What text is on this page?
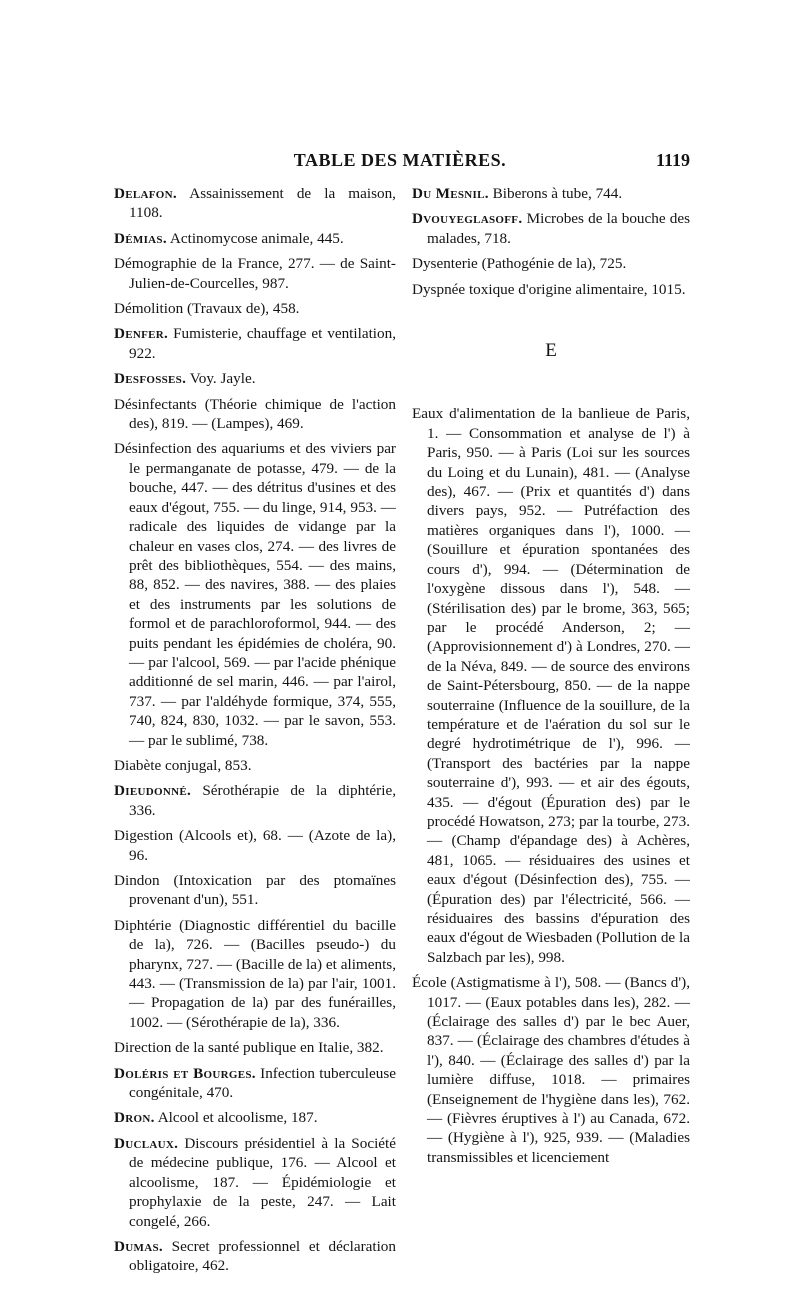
TABLE DES MATIÈRES.	1119

Delafon. Assainissement de la maison, 1108.

Démias. Actinomycose animale, 445.

Démographie de la France, 277. — de Saint-Julien-de-Courcelles, 987.

Démolition (Travaux de), 458.

Denfer. Fumisterie, chauffage et ventilation, 922.

Desfosses. Voy. Jayle.

Désinfectants (Théorie chimique de l'action des), 819. — (Lampes), 469.

Désinfection des aquariums et des viviers par le permanganate de potasse, 479. — de la bouche, 447. — des détritus d'usines et des eaux d'égout, 755. — du linge, 914, 953. — radicale des liquides de vidange par la chaleur en vases clos, 274. — des livres de prêt des bibliothèques, 554. — des mains, 88, 852. — des navires, 388. — des plaies et des instruments par les solutions de formol et de parachloroformol, 944. — des puits pendant les épidémies de choléra, 90. — par l'alcool, 569. — par l'acide phénique additionné de sel marin, 446. — par l'airol, 737. — par l'aldéhyde formique, 374, 555, 740, 824, 830, 1032. — par le savon, 553. — par le sublimé, 738.

Diabète conjugal, 853.

Dieudonné. Sérothérapie de la diphtérie, 336.

Digestion (Alcools et), 68. — (Azote de la), 96.

Dindon (Intoxication par des ptomaïnes provenant d'un), 551.

Diphtérie (Diagnostic différentiel du bacille de la), 726. — (Bacilles pseudo-) du pharynx, 727. — (Bacille de la) et aliments, 443. — (Transmission de la) par l'air, 1001. — Propagation de la) par des funérailles, 1002. — (Sérothérapie de la), 336.

Direction de la santé publique en Italie, 382.

Doléris et Bourges. Infection tuberculeuse congénitale, 470.

Dron. Alcool et alcoolisme, 187.

Duclaux. Discours présidentiel à la Société de médecine publique, 176. — Alcool et alcoolisme, 187. — Épidémiologie et prophylaxie de la peste, 247. — Lait congelé, 266.

Dumas. Secret professionnel et déclaration obligatoire, 462.

Du Mesnil. Biberons à tube, 744.

Dvouyeglasoff. Microbes de la bouche des malades, 718.

Dysenterie (Pathogénie de la), 725.

Dyspnée toxique d'origine alimentaire, 1015.

E

Eaux d'alimentation de la banlieue de Paris, 1. — Consommation et analyse de l') à Paris, 950. — à Paris (Loi sur les sources du Loing et du Lunain), 481. — (Analyse des), 467. — (Prix et quantités d') dans divers pays, 952. — Putréfaction des matières organiques dans l'), 1000. — (Souillure et épuration spontanées des cours d'), 994. — (Détermination de l'oxygène dissous dans l'), 548. — (Stérilisation des) par le brome, 363, 565; par le procédé Anderson, 2; — (Approvisionnement d') à Londres, 270. — de la Néva, 849. — de source des environs de Saint-Pétersbourg, 850. — de la nappe souterraine (Influence de la souillure, de la température et de l'aération du sol sur le degré hydrotimétrique de l'), 996. — (Transport des bactéries par la nappe souterraine d'), 993. — et air des égouts, 435. — d'égout (Épuration des) par le procédé Howatson, 273; par la tourbe, 273. — (Champ d'épandage des) à Achères, 481, 1065. — résiduaires des usines et eaux d'égout (Désinfection des), 755. — (Épuration des) par l'électricité, 566. — résiduaires des bassins d'épuration des eaux d'égout de Wiesbaden (Pollution de la Salzbach par les), 998.

École (Astigmatisme à l'), 508. — (Bancs d'), 1017. — (Eaux potables dans les), 282. — (Éclairage des salles d') par le bec Auer, 837. — (Éclairage des chambres d'études à l'), 840. — (Éclairage des salles d') par la lumière diffuse, 1018. — primaires (Enseignement de l'hygiène dans les), 762. — (Fièvres éruptives à l') au Canada, 672. — (Hygiène à l'), 925, 939. — (Maladies transmissibles et licenciement
